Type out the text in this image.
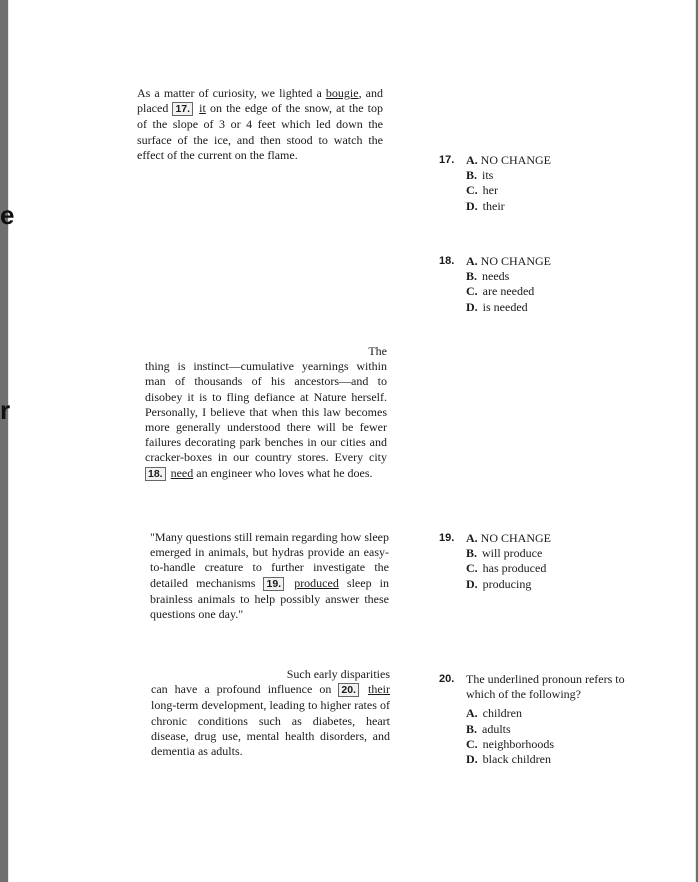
e
r
As a matter of curiosity, we lighted a bougie, and placed 17. it on the edge of the snow, at the top of the slope of 3 or 4 feet which led down the surface of the ice, and then stood to watch the effect of the current on the flame.
The
thing is instinct—cumulative yearnings within man of thousands of his ancestors—and to disobey it is to fling defiance at Nature herself. Personally, I believe that when this law becomes more generally understood there will be fewer failures decorating park benches in our cities and cracker-boxes in our country stores. Every city 18. need an engineer who loves what he does.
"Many questions still remain regarding how sleep emerged in animals, but hydras provide an easy-to-handle creature to further investigate the detailed mechanisms 19. produced sleep in brainless animals to help possibly answer these questions one day."
Such early disparities
can have a profound influence on 20. their long-term development, leading to higher rates of chronic conditions such as diabetes, heart disease, drug use, mental health disorders, and dementia as adults.
17. A. NO CHANGE
B. its
C. her
D. their
18. A. NO CHANGE
B. needs
C. are needed
D. is needed
19. A. NO CHANGE
B. will produce
C. has produced
D. producing
20. The underlined pronoun refers to which of the following?
A. children
B. adults
C. neighborhoods
D. black children
